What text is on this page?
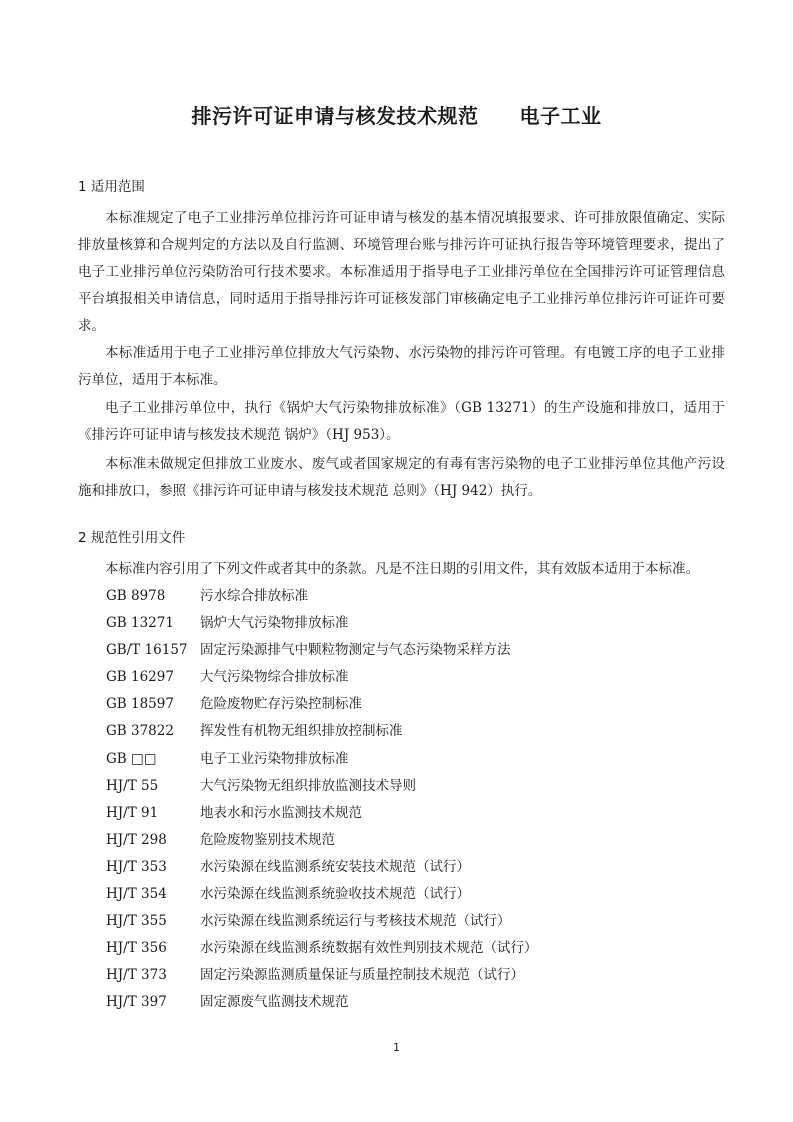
排污许可证申请与核发技术规范　　电子工业
1 适用范围

本标准规定了电子工业排污单位排污许可证申请与核发的基本情况填报要求、许可排放限值确定、实际排放量核算和合规判定的方法以及自行监测、环境管理台账与排污许可证执行报告等环境管理要求，提出了电子工业排污单位污染防治可行技术要求。本标准适用于指导电子工业排污单位在全国排污许可证管理信息平台填报相关申请信息，同时适用于指导排污许可证核发部门审核确定电子工业排污单位排污许可证许可要求。

本标准适用于电子工业排污单位排放大气污染物、水污染物的排污许可管理。有电镀工序的电子工业排污单位，适用于本标准。

电子工业排污单位中，执行《锅炉大气污染物排放标准》（GB 13271）的生产设施和排放口，适用于《排污许可证申请与核发技术规范 锅炉》（HJ 953）。

本标准未做规定但排放工业废水、废气或者国家规定的有毒有害污染物的电子工业排污单位其他产污设施和排放口，参照《排污许可证申请与核发技术规范 总则》（HJ 942）执行。

2 规范性引用文件

本标准内容引用了下列文件或者其中的条款。凡是不注日期的引用文件，其有效版本适用于本标准。

GB 8978	污水综合排放标准
GB 13271	锅炉大气污染物排放标准
GB/T 16157 固定污染源排气中颗粒物测定与气态污染物采样方法
GB 16297	大气污染物综合排放标准
GB 18597	危险废物贮存污染控制标准
GB 37822	挥发性有机物无组织排放控制标准
GB □□	电子工业污染物排放标准
HJ/T 55	大气污染物无组织排放监测技术导则
HJ/T 91	地表水和污水监测技术规范
HJ/T 298	危险废物鉴别技术规范
HJ/T 353	水污染源在线监测系统安装技术规范（试行）
HJ/T 354	水污染源在线监测系统验收技术规范（试行）
HJ/T 355	水污染源在线监测系统运行与考核技术规范（试行）
HJ/T 356	水污染源在线监测系统数据有效性判别技术规范（试行）
HJ/T 373	固定污染源监测质量保证与质量控制技术规范（试行）
HJ/T 397	固定源废气监测技术规范
1
